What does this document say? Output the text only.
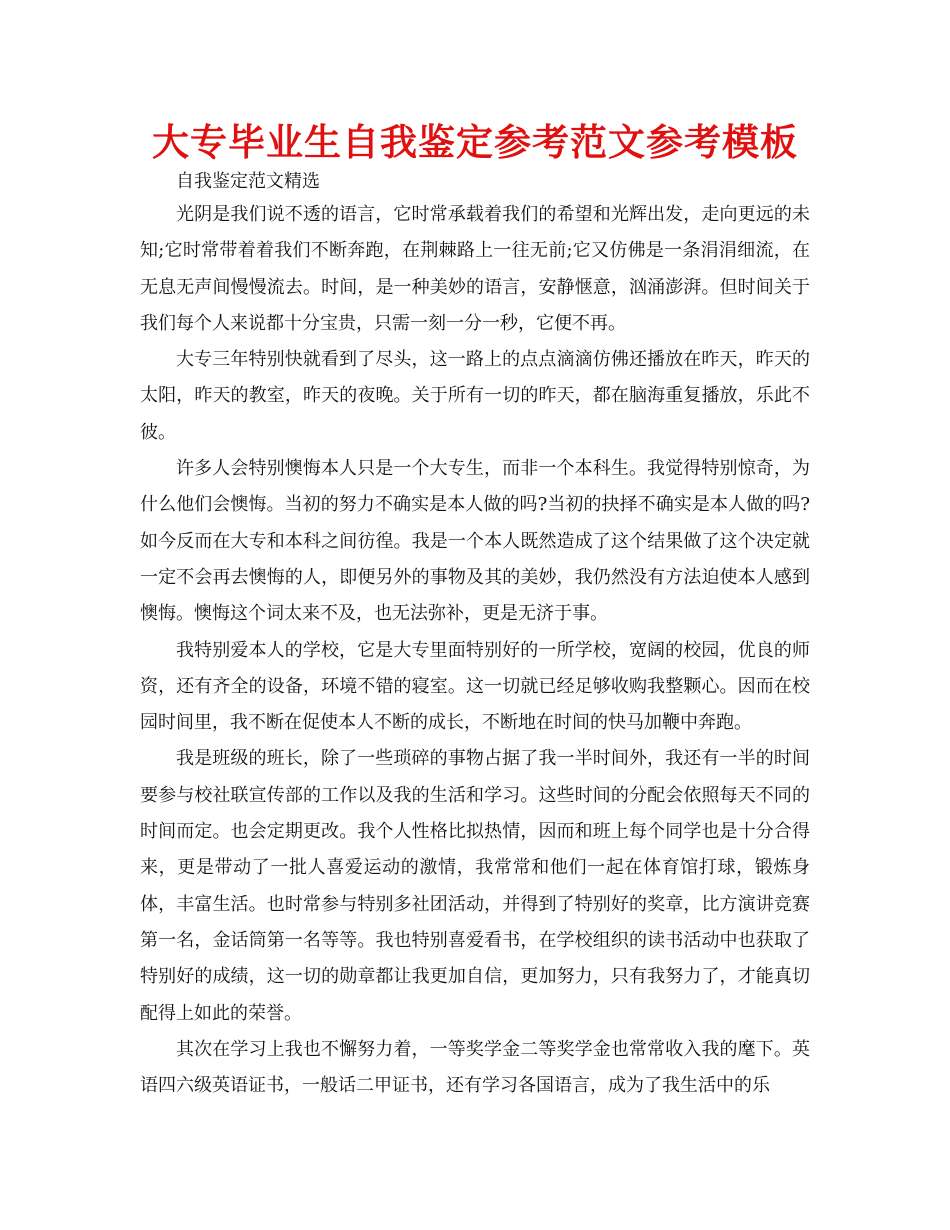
大专毕业生自我鉴定参考范文参考模板

自我鉴定范文精选

光阴是我们说不透的语言，它时常承载着我们的希望和光辉出发，走向更远的未知;它时常带着着我们不断奔跑，在荆棘路上一往无前;它又仿佛是一条涓涓细流，在无息无声间慢慢流去。时间，是一种美妙的语言，安静惬意，汹涌澎湃。但时间关于我们每个人来说都十分宝贵，只需一刻一分一秒，它便不再。

大专三年特别快就看到了尽头，这一路上的点点滴滴仿佛还播放在昨天，昨天的太阳，昨天的教室，昨天的夜晚。关于所有一切的昨天，都在脑海重复播放，乐此不彼。

许多人会特别懊悔本人只是一个大专生，而非一个本科生。我觉得特别惊奇，为什么他们会懊悔。当初的努力不确实是本人做的吗?当初的抉择不确实是本人做的吗?如今反而在大专和本科之间彷徨。我是一个本人既然造成了这个结果做了这个决定就一定不会再去懊悔的人，即便另外的事物及其的美妙，我仍然没有方法迫使本人感到懊悔。懊悔这个词太来不及，也无法弥补，更是无济于事。

我特别爱本人的学校，它是大专里面特别好的一所学校，宽阔的校园，优良的师资，还有齐全的设备，环境不错的寝室。这一切就已经足够收购我整颗心。因而在校园时间里，我不断在促使本人不断的成长，不断地在时间的快马加鞭中奔跑。

我是班级的班长，除了一些琐碎的事物占据了我一半时间外，我还有一半的时间要参与校社联宣传部的工作以及我的生活和学习。这些时间的分配会依照每天不同的时间而定。也会定期更改。我个人性格比拟热情，因而和班上每个同学也是十分合得来，更是带动了一批人喜爱运动的激情，我常常和他们一起在体育馆打球，锻炼身体，丰富生活。也时常参与特别多社团活动，并得到了特别好的奖章，比方演讲竞赛第一名，金话筒第一名等等。我也特别喜爱看书，在学校组织的读书活动中也获取了特别好的成绩，这一切的勋章都让我更加自信，更加努力，只有我努力了，才能真切配得上如此的荣誉。

其次在学习上我也不懈努力着，一等奖学金二等奖学金也常常收入我的麾下。英语四六级英语证书，一般话二甲证书，还有学习各国语言，成为了我生活中的乐
